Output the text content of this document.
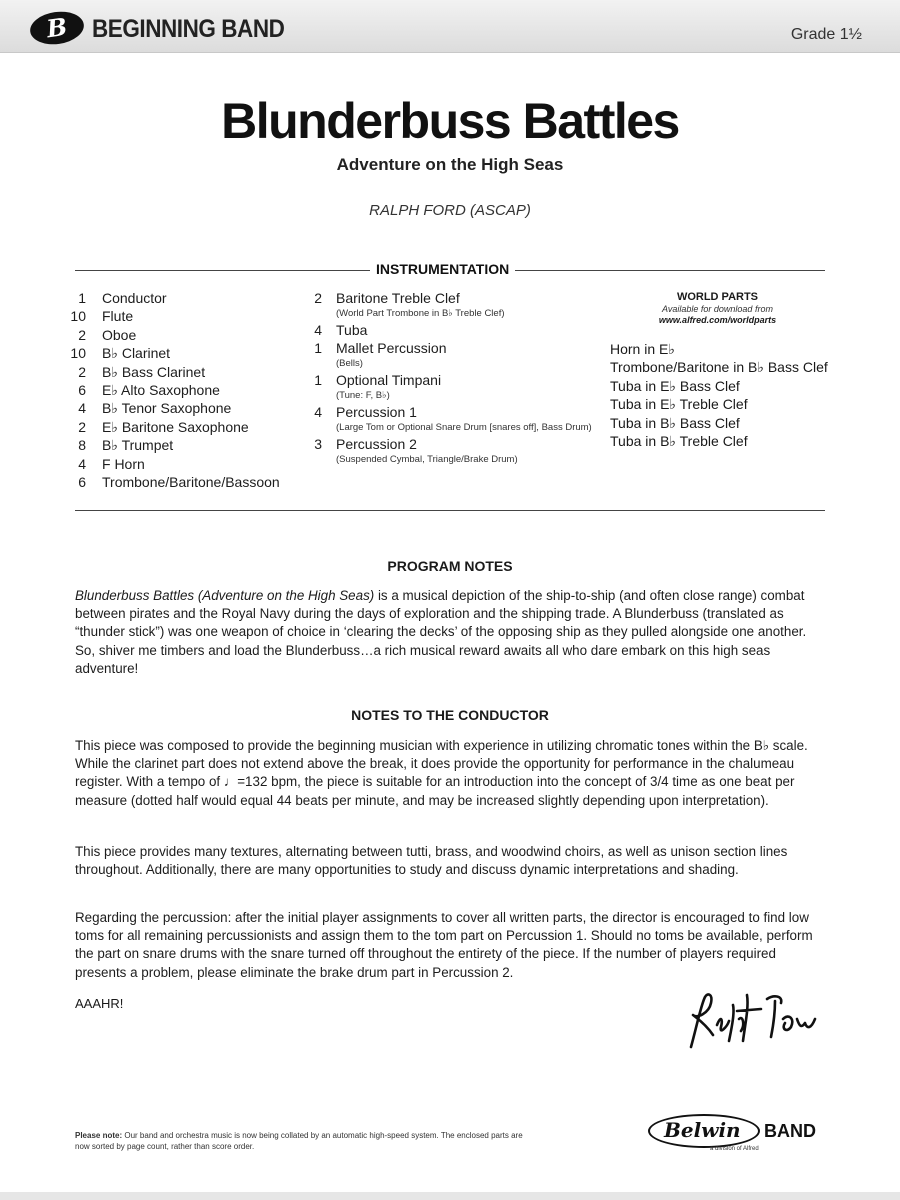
B BEGINNING BAND	Grade 1½
Blunderbuss Battles
Adventure on the High Seas
RALPH FORD (ASCAP)
INSTRUMENTATION
1 Conductor
10 Flute
2 Oboe
10 B♭ Clarinet
2 B♭ Bass Clarinet
6 E♭ Alto Saxophone
4 B♭ Tenor Saxophone
2 E♭ Baritone Saxophone
8 B♭ Trumpet
4 F Horn
6 Trombone/Baritone/Bassoon
2 Baritone Treble Clef
(World Part Trombone in B♭ Treble Clef)
4 Tuba
1 Mallet Percussion
(Bells)
1 Optional Timpani
(Tune: F, B♭)
4 Percussion 1
(Large Tom or Optional Snare Drum [snares off], Bass Drum)
3 Percussion 2
(Suspended Cymbal, Triangle/Brake Drum)
WORLD PARTS
Available for download from
www.alfred.com/worldparts
Horn in E♭
Trombone/Baritone in B♭ Bass Clef
Tuba in E♭ Bass Clef
Tuba in E♭ Treble Clef
Tuba in B♭ Bass Clef
Tuba in B♭ Treble Clef
PROGRAM NOTES

Blunderbuss Battles (Adventure on the High Seas) is a musical depiction of the ship-to-ship (and often close range) combat between pirates and the Royal Navy during the days of exploration and the shipping trade. A Blunderbuss (translated as “thunder stick”) was one weapon of choice in ‘clearing the decks’ of the opposing ship as they pulled alongside one another. So, shiver me timbers and load the Blunderbuss…a rich musical reward awaits all who dare embark on this high seas adventure!

NOTES TO THE CONDUCTOR

This piece was composed to provide the beginning musician with experience in utilizing chromatic tones within the B♭ scale. While the clarinet part does not extend above the break, it does provide the opportunity for performance in the chalumeau register. With a tempo of ♩=132 bpm, the piece is suitable for an introduction into the concept of 3/4 time as one beat per measure (dotted half would equal 44 beats per minute, and may be increased slightly depending upon interpretation).

This piece provides many textures, alternating between tutti, brass, and woodwind choirs, as well as unison section lines throughout. Additionally, there are many opportunities to study and discuss dynamic interpretations and shading.

Regarding the percussion: after the initial player assignments to cover all written parts, the director is encouraged to find low toms for all remaining percussionists and assign them to the tom part on Percussion 1. Should no toms be available, perform the part on snare drums with the snare turned off throughout the entirety of the piece. If the number of players required presents a problem, please eliminate the brake drum part in Percussion 2.

AAAHR!
Please note: Our band and orchestra music is now being collated by an automatic high-speed system. The enclosed parts are now sorted by page count, rather than score order.
Belwin BAND
a division of Alfred
